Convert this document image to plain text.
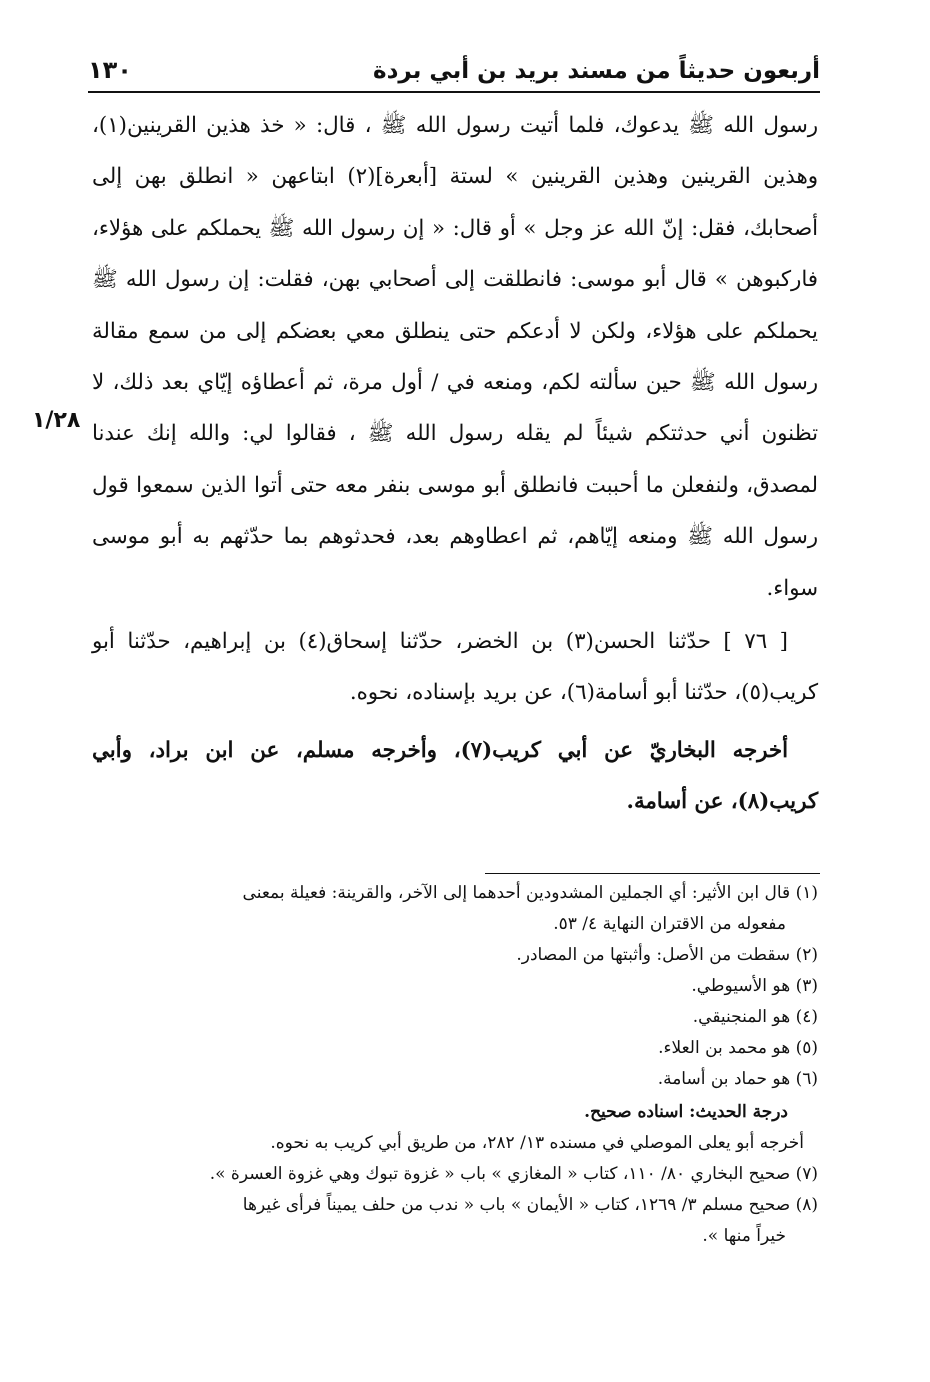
أربعون حديثاً من مسند بريد بن أبي بردة
١٣٠
١/٢٨

رسول الله ﷺ يدعوك، فلما أتيت رسول الله ﷺ ، قال: « خذ هذين القرينين(١)، وهذين القرينين وهذين القرينين » لستة [أبعرة](٢) ابتاعهن « انطلق بهن إلى أصحابك، فقل: إنّ الله عز وجل » أو قال: « إن رسول الله ﷺ يحملكم على هؤلاء، فاركبوهن » قال أبو موسى: فانطلقت إلى أصحابي بهن، فقلت: إن رسول الله ﷺ يحملكم على هؤلاء، ولكن لا أدعكم حتى ينطلق معي بعضكم إلى من سمع مقالة رسول الله ﷺ حين سألته لكم، ومنعه في / أول مرة، ثم أعطاؤه إيّاي بعد ذلك، لا تظنون أني حدثتكم شيئاً لم يقله رسول الله ﷺ ، فقالوا لي: والله إنك عندنا لمصدق، ولنفعلن ما أحببت فانطلق أبو موسى بنفر معه حتى أتوا الذين سمعوا قول رسول الله ﷺ ومنعه إيّاهم، ثم اعطاوهم بعد، فحدثوهم بما حدّثهم به أبو موسى سواء.

[ ٧٦ ] حدّثنا الحسن(٣) بن الخضر، حدّثنا إسحاق(٤) بن إبراهيم، حدّثنا أبو كريب(٥)، حدّثنا أبو أسامة(٦)، عن بريد بإسناده، نحوه.

أخرجه البخاريّ عن أبي كريب(٧)، وأخرجه مسلم، عن ابن براد، وأبي كريب(٨)، عن أسامة.

(١) قال ابن الأثير: أي الجملين المشدودين أحدهما إلى الآخر، والقرينة: فعيلة بمعنى

مفعوله من الاقتران النهاية ٤/ ٥٣.

(٢) سقطت من الأصل: وأثبتها من المصادر.

(٣) هو الأسيوطي.

(٤) هو المنجنيقي.

(٥) هو محمد بن العلاء.

(٦) هو حماد بن أسامة.

درجة الحديث: اسناده صحيح.

أخرجه أبو يعلى الموصلي في مسنده ١٣/ ٢٨٢، من طريق أبي كريب به نحوه.

(٧) صحيح البخاري ٨٠/ ١١٠، كتاب « المغازي » باب « غزوة تبوك وهي غزوة العسرة ».

(٨) صحيح مسلم ٣/ ١٢٦٩، كتاب « الأيمان » باب « ندب من حلف يميناً فرأى غيرها

خيراً منها ».
